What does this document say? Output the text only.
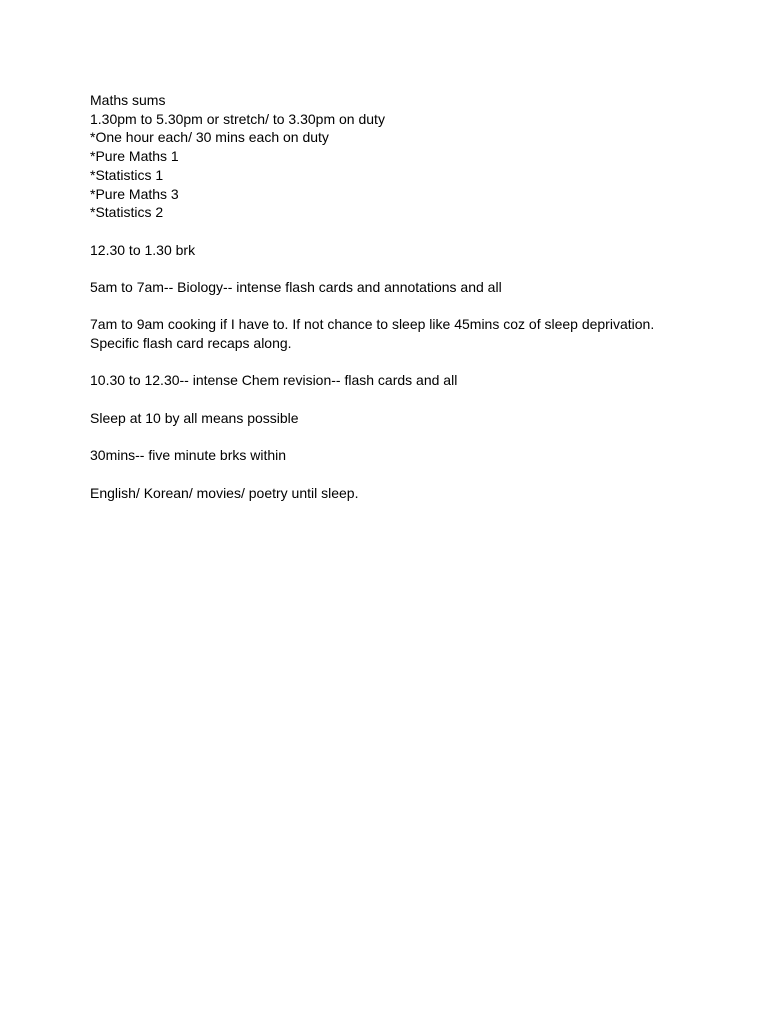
Maths sums
1.30pm to 5.30pm or stretch/ to 3.30pm on duty
*One hour each/ 30 mins each on duty
*Pure Maths 1
*Statistics 1
*Pure Maths 3
*Statistics 2
12.30 to 1.30 brk
5am to 7am-- Biology-- intense flash cards and annotations and all
7am to 9am cooking if I have to. If not chance to sleep like 45mins coz of sleep deprivation.
Specific flash card recaps along.
10.30 to 12.30-- intense Chem revision-- flash cards and all
Sleep at 10 by all means possible
30mins-- five minute brks within
English/ Korean/ movies/ poetry until sleep.
